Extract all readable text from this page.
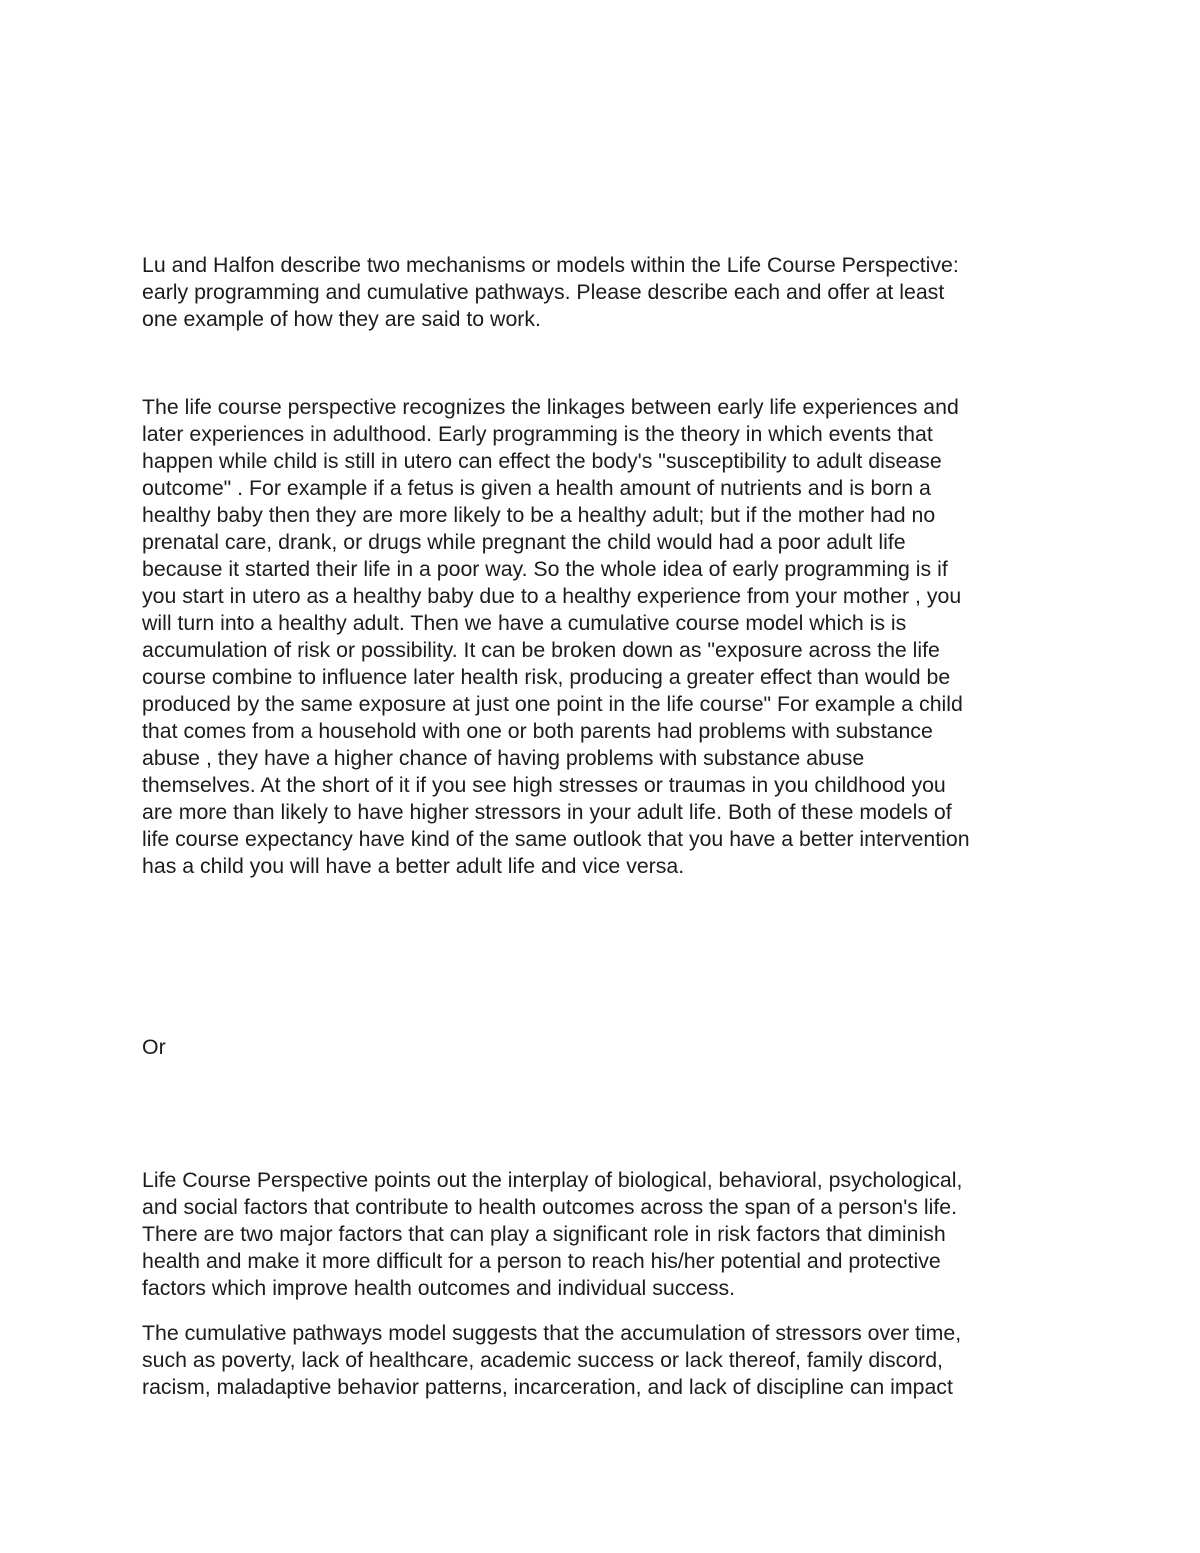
Lu and Halfon describe two mechanisms or models within the Life Course Perspective:
early programming and cumulative pathways. Please describe each and offer at least
one example of how they are said to work.

The life course perspective recognizes the linkages between early life experiences and
later experiences in adulthood. Early programming is the theory in which events that
happen while child is still in utero can effect the body's "susceptibility to adult disease
outcome" . For example if a fetus is given a health amount of nutrients and is born a
healthy baby then they are more likely to be a healthy adult; but if the mother had no
prenatal care, drank, or drugs while pregnant the child would had a poor adult life
because it started their life in a poor way. So the whole idea of early programming is if
you start in utero as a healthy baby due to a healthy experience from your mother , you
will turn into a healthy adult. Then we have a cumulative course model which is is
accumulation of risk or possibility. It can be broken down as "exposure across the life
course combine to influence later health risk, producing a greater effect than would be
produced by the same exposure at just one point in the life course" For example a child
that comes from a household with one or both parents had problems with substance
abuse , they have a higher chance of having problems with substance abuse
themselves. At the short of it if you see high stresses or traumas in you childhood you
are more than likely to have higher stressors in your adult life. Both of these models of
life course expectancy have kind of the same outlook that you have a better intervention
has a child you will have a better adult life and vice versa.

Or

Life Course Perspective points out the interplay of biological, behavioral, psychological,
and social factors that contribute to health outcomes across the span of a person's life.
There are two major factors that can play a significant role in risk factors that diminish
health and make it more difficult for a person to reach his/her potential and protective
factors which improve health outcomes and individual success.

The cumulative pathways model suggests that the accumulation of stressors over time,
such as poverty, lack of healthcare, academic success or lack thereof, family discord,
racism, maladaptive behavior patterns, incarceration, and lack of discipline can impact
